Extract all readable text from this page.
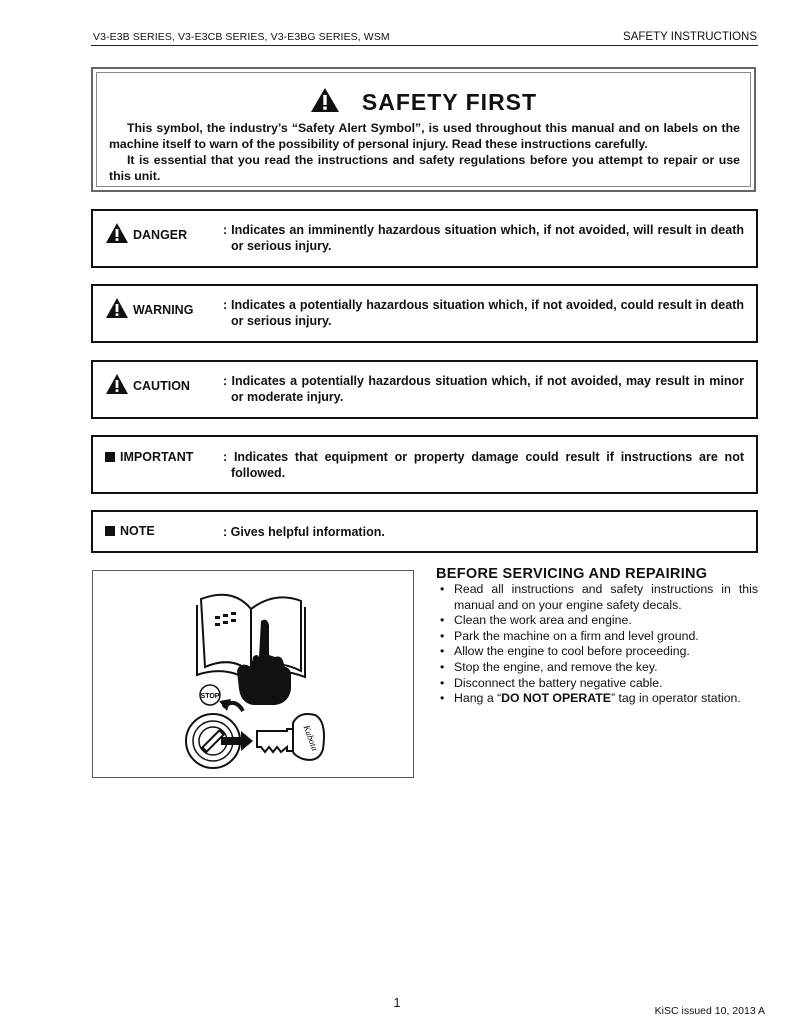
V3-E3B SERIES, V3-E3CB SERIES, V3-E3BG SERIES, WSM	SAFETY INSTRUCTIONS
SAFETY FIRST
This symbol, the industry’s “Safety Alert Symbol”, is used throughout this manual and on labels on the machine itself to warn of the possibility of personal injury. Read these instructions carefully.
It is essential that you read the instructions and safety regulations before you attempt to repair or use this unit.
DANGER	: Indicates an imminently hazardous situation which, if not avoided, will result in death or serious injury.
WARNING : Indicates a potentially hazardous situation which, if not avoided, could result in death or serious injury.
CAUTION	: Indicates a potentially hazardous situation which, if not avoided, may result in minor or moderate injury.
IMPORTANT : Indicates that equipment or property damage could result if instructions are not followed.
NOTE	: Gives helpful information.
STOP
Kubota
BEFORE SERVICING AND REPAIRING
• Read all instructions and safety instructions in this manual and on your engine safety decals.
• Clean the work area and engine.
• Park the machine on a firm and level ground.
• Allow the engine to cool before proceeding.
• Stop the engine, and remove the key.
• Disconnect the battery negative cable.
• Hang a “DO NOT OPERATE” tag in operator station.
1
KiSC issued 10, 2013 A
